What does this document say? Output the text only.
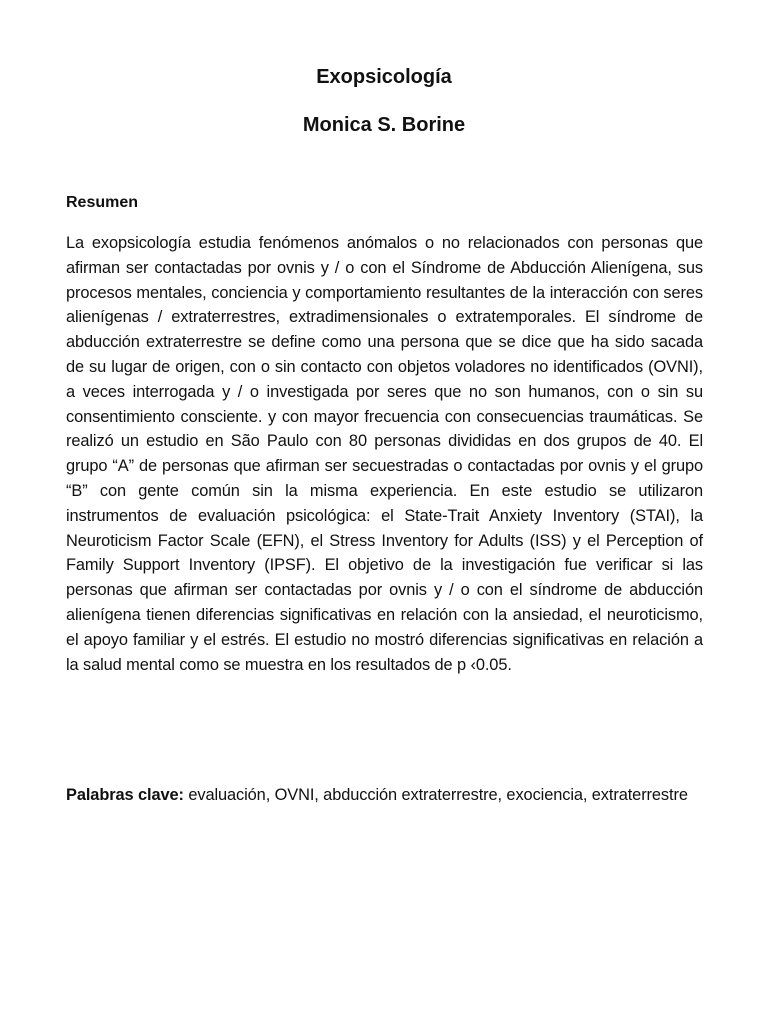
Exopsicología
Monica S. Borine
Resumen

La exopsicología estudia fenómenos anómalos o no relacionados con personas que afirman ser contactadas por ovnis y / o con el Síndrome de Abducción Alienígena, sus procesos mentales, conciencia y comportamiento resultantes de la interacción con seres alienígenas / extraterrestres, extradimensionales o extratemporales. El síndrome de abducción extraterrestre se define como una persona que se dice que ha sido sacada de su lugar de origen, con o sin contacto con objetos voladores no identificados (OVNI), a veces interrogada y / o investigada por seres que no son humanos, con o sin su consentimiento consciente. y con mayor frecuencia con consecuencias traumáticas. Se realizó un estudio en São Paulo con 80 personas divididas en dos grupos de 40. El grupo “A” de personas que afirman ser secuestradas o contactadas por ovnis y el grupo “B” con gente común sin la misma experiencia. En este estudio se utilizaron instrumentos de evaluación psicológica: el State-Trait Anxiety Inventory (STAI), la Neuroticism Factor Scale (EFN), el Stress Inventory for Adults (ISS) y el Perception of Family Support Inventory (IPSF). El objetivo de la investigación fue verificar si las personas que afirman ser contactadas por ovnis y / o con el síndrome de abducción alienígena tienen diferencias significativas en relación con la ansiedad, el neuroticismo, el apoyo familiar y el estrés. El estudio no mostró diferencias significativas en relación a la salud mental como se muestra en los resultados de p ‹0.05.

Palabras clave: evaluación, OVNI, abducción extraterrestre, exociencia, extraterrestre
